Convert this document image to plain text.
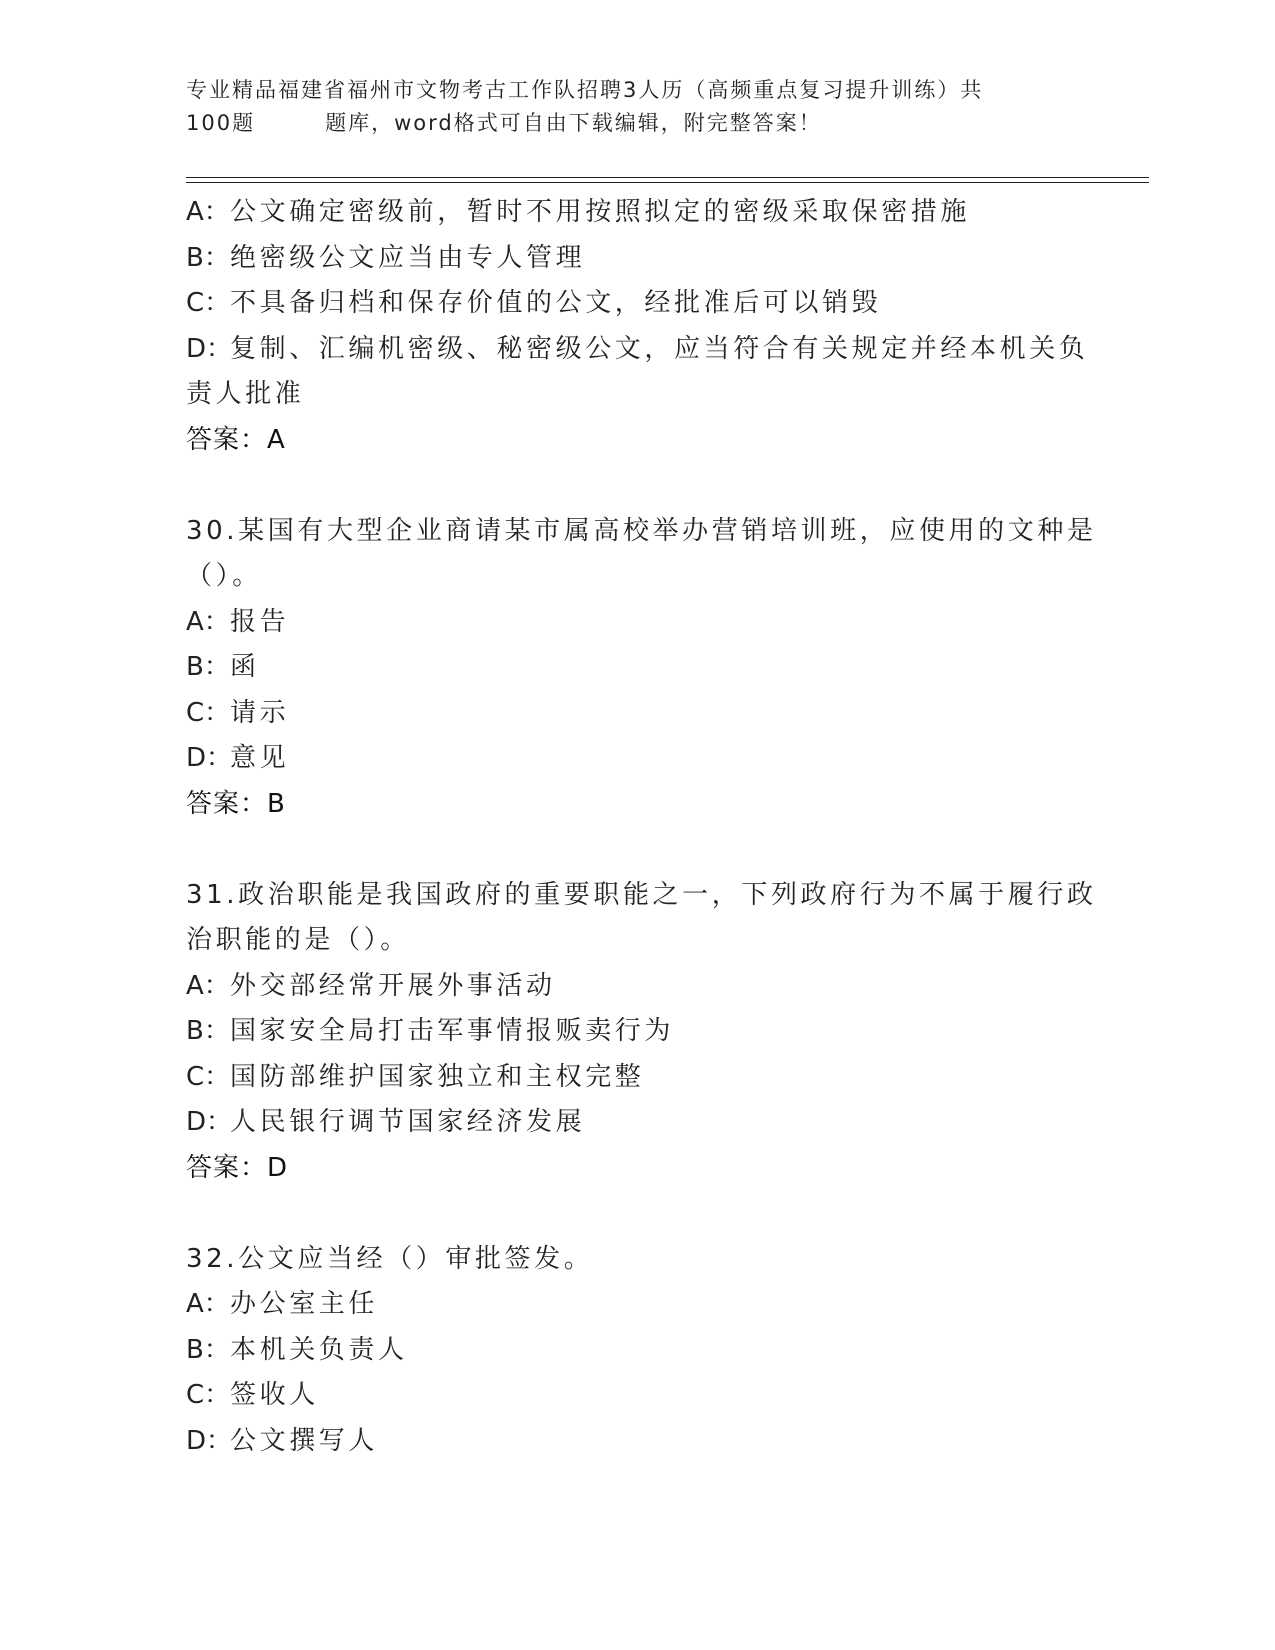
专业精品福建省福州市文物考古工作队招聘3人历（高频重点复习提升训练）共
100题	题库，word格式可自由下载编辑，附完整答案！
A：公文确定密级前，暂时不用按照拟定的密级采取保密措施
B：绝密级公文应当由专人管理
C：不具备归档和保存价值的公文，经批准后可以销毁
D：复制、汇编机密级、秘密级公文，应当符合有关规定并经本机关负
责人批准
答案：A
30.某国有大型企业商请某市属高校举办营销培训班，应使用的文种是
（）。
A：报告
B：函
C：请示
D：意见
答案：B
31.政治职能是我国政府的重要职能之一，下列政府行为不属于履行政
治职能的是（）。
A：外交部经常开展外事活动
B：国家安全局打击军事情报贩卖行为
C：国防部维护国家独立和主权完整
D：人民银行调节国家经济发展
答案：D
32.公文应当经（）审批签发。
A：办公室主任
B：本机关负责人
C：签收人
D：公文撰写人
